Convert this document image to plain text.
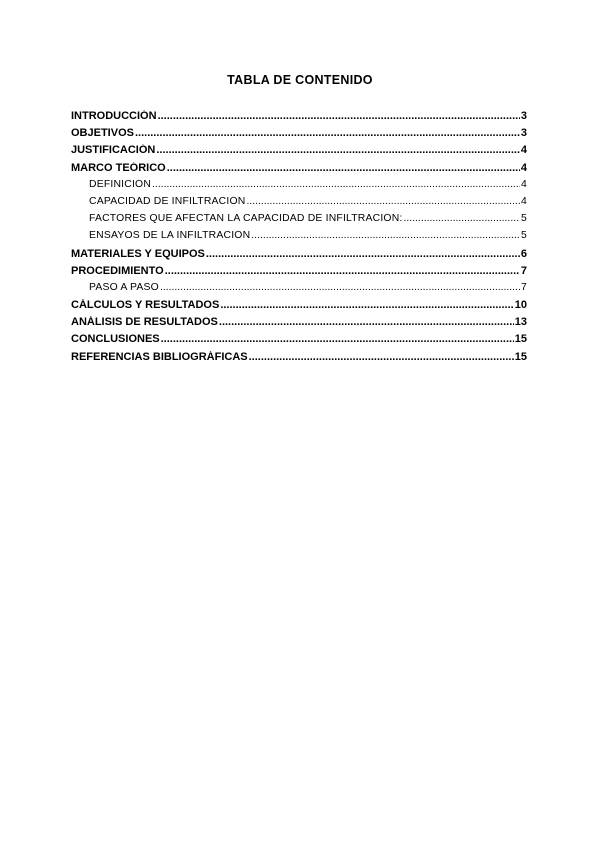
TABLA DE CONTENIDO
INTRODUCCIÓN .....	3
OBJETIVOS .....	3
JUSTIFICACIÓN .....	4
MARCO TEÓRICO .....	4
DEFINICIÓN .....	4
CAPACIDAD DE INFILTRACIÓN .....	4
FACTORES QUE AFECTAN LA CAPACIDAD DE INFILTRACIÓN: .....	5
ENSAYOS DE LA INFILTRACIÓN .....	5
MATERIALES Y EQUIPOS .....	6
PROCEDIMIENTO .....	7
PASO A PASO .....	7
CÁLCULOS Y RESULTADOS .....	10
ANÁLISIS DE RESULTADOS .....	13
CONCLUSIONES .....	15
REFERENCIAS BIBLIOGRÁFICAS .....	15
